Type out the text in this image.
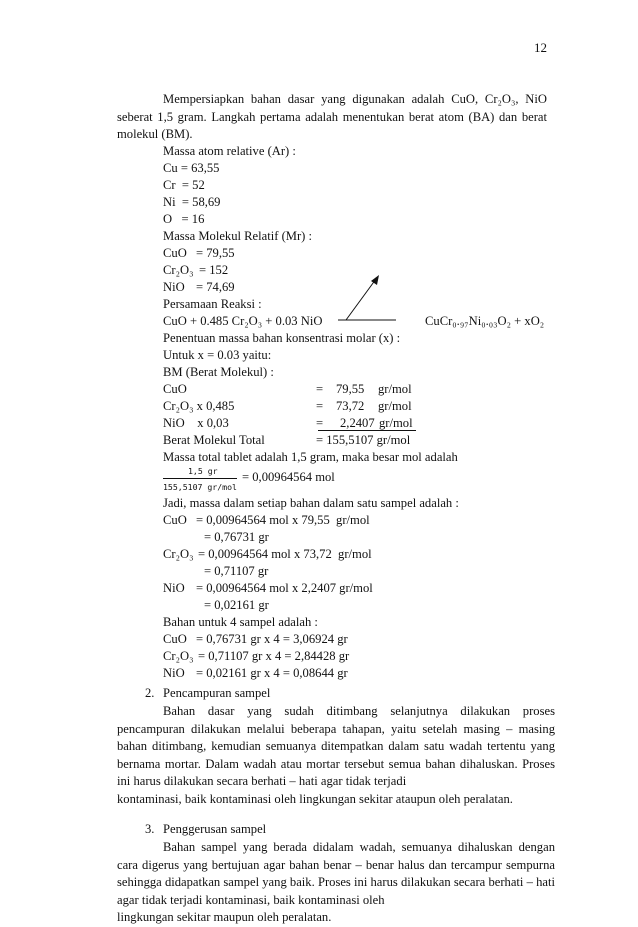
12
Mempersiapkan bahan dasar yang digunakan adalah CuO, Cr₂O₃, NiO
seberat 1,5 gram. Langkah pertama adalah menentukan berat atom (BA) dan berat
molekul (BM).
Massa atom relative (Ar) :
Cu = 63,55
Cr  = 52
Ni  = 58,69
O   = 16
Massa Molekul Relatif (Mr) :
CuO = 79,55
Cr₂O₃ = 152
NiO = 74,69
Persamaan Reaksi :
CuO + 0.485 Cr₂O₃ + 0.03 NiO	CuCr₀.₉₇Ni₀.₀₃O₂ + xO₂
Penentuan massa bahan konsentrasi molar (x) :
Untuk x = 0.03 yaitu:
BM (Berat Molekul) :
CuO	= 79,55 gr/mol
Cr₂O₃ x 0,485	= 73,72 gr/mol
NiO    x 0,03	= 2,2407 gr/mol
Berat Molekul Total	= 155,5107 gr/mol
Massa total tablet adalah 1,5 gram, maka besar mol adalah
1,5 gr
155,5107 gr/mol
= 0,00964564 mol
Jadi, massa dalam setiap bahan dalam satu sampel adalah :
CuO = 0,00964564 mol x 79,55  gr/mol
= 0,76731 gr
Cr₂O₃ = 0,00964564 mol x 73,72  gr/mol
= 0,71107 gr
NiO = 0,00964564 mol x 2,2407 gr/mol
= 0,02161 gr
Bahan untuk 4 sampel adalah :
CuO = 0,76731 gr x 4 = 3,06924 gr
Cr₂O₃ = 0,71107 gr x 4 = 2,84428 gr
NiO = 0,02161 gr x 4 = 0,08644 gr
2. Pencampuran sampel
Bahan dasar yang sudah ditimbang selanjutnya dilakukan proses pencampuran dilakukan melalui beberapa tahapan, yaitu setelah masing – masing bahan ditimbang, kemudian semuanya ditempatkan dalam satu wadah tertentu yang bernama mortar. Dalam wadah atau mortar tersebut semua bahan dihaluskan. Proses ini harus dilakukan secara berhati – hati agar tidak terjadi
kontaminasi, baik kontaminasi oleh lingkungan sekitar ataupun oleh peralatan.
3. Penggerusan sampel
Bahan sampel yang berada didalam wadah, semuanya dihaluskan dengan cara digerus yang bertujuan agar bahan benar – benar halus dan tercampur sempurna sehingga didapatkan sampel yang baik. Proses ini harus dilakukan secara berhati – hati agar tidak terjadi kontaminasi, baik kontaminasi oleh
lingkungan sekitar maupun oleh peralatan.
